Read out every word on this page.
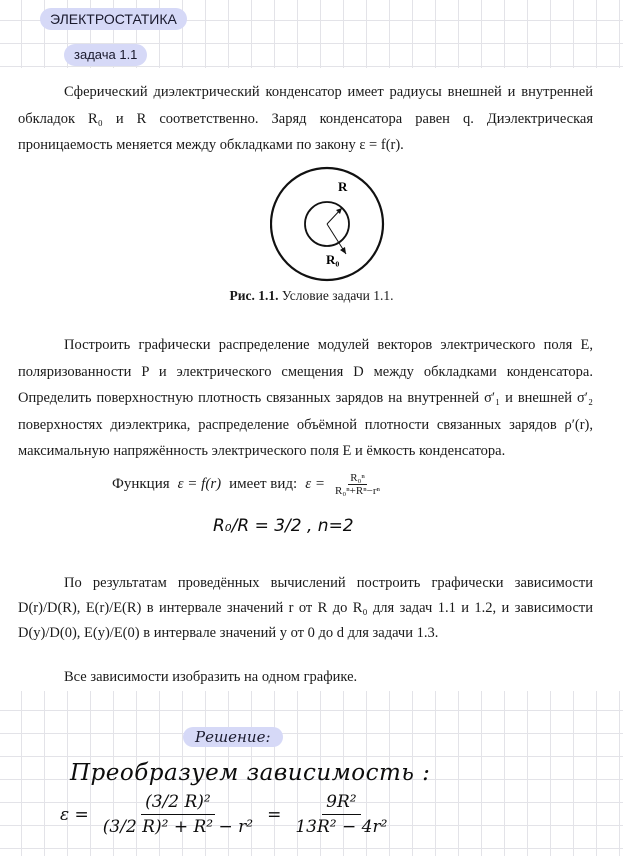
ЭЛЕКТРОСТАТИКА
задача 1.1

Сферический диэлектрический конденсатор имеет радиусы внешней и внутренней обкладок R₀ и R соответственно. Заряд конденсатора равен q. Диэлектрическая проницаемость меняется между обкладками по закону ε = f(r).

R
R₀
Рис. 1.1. Условие задачи 1.1.

Построить графически распределение модулей векторов электрического поля E, поляризованности P и электрического смещения D между обкладками конденсатора. Определить поверхностную плотность связанных зарядов на внутренней σ′₁ и внешней σ′₂ поверхностях диэлектрика, распределение объёмной плотности связанных зарядов ρ′(r), максимальную напряжённость электрического поля E и ёмкость конденсатора.

Функция ε = f(r) имеет вид: $\varepsilon = \frac{\text{R₀ⁿ}}{\text{R₀ⁿ+Rⁿ−rⁿ}}$
R₀/R = 3/2 , n=2

По результатам проведённых вычислений построить графически зависимости D(r)/D(R), E(r)/E(R) в интервале значений r от R до R₀ для задач 1.1 и 1.2, и зависимости D(y)/D(0), E(y)/E(0) в интервале значений y от 0 до d для задачи 1.3.

Все зависимости изобразить на одном графике.

Решение:
Преобразуем зависимость :
$\varepsilon = \frac{\text{(3/2 R)²}}{\text{(3/2 R)² + R² − r²}} = \frac{\text{9R²}}{\text{13R² − 4r²}}$
